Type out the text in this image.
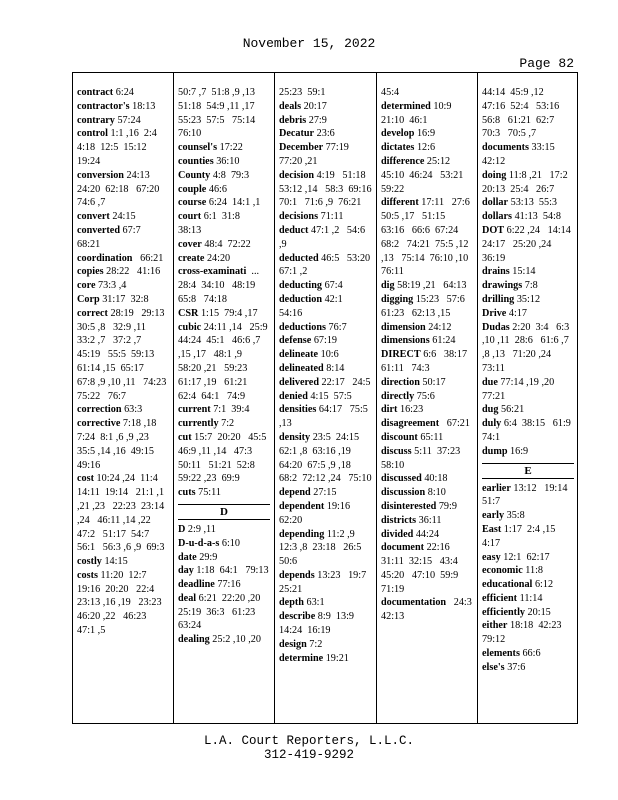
November 15, 2022
Page 82
contract 6:24
contractor's 18:13
contrary 57:24
control 1:1 ,16  2:4   4:18  12:5  15:12   19:24
conversion 24:13   24:20  62:18   67:20  74:6 ,7
convert 24:15
converted 67:7   68:21
coordination   66:21
copies 28:22   41:16
core 73:3 ,4
Corp 31:17  32:8
correct 28:19   29:13  30:5 ,8   32:9 ,11  33:2 ,7   37:2 ,7  45:19   55:5  59:13   61:14 ,15  65:17   67:8 ,9 ,10 ,11   74:23  75:22   76:7
correction 63:3
corrective 7:18 ,18   7:24  8:1 ,6 ,9 ,23   35:5 ,14 ,16  49:15   49:16
cost 10:24 ,24  11:4   14:11  19:14   21:1 ,1 ,21 ,23   22:23  23:14 ,24   46:11 ,14 ,22  47:2   51:17  54:7  56:1   56:3 ,6 ,9  69:3
costly 14:15
costs 11:20  12:7   19:16  20:20   22:4  23:13 ,16 ,19   23:23  46:20 ,22   46:23  47:1 ,5
50:7 ,7  51:8 ,9 ,13   51:18  54:9 ,11 ,17   55:23  57:5   75:14  76:10
counsel's 17:22
counties 36:10
County 4:8  79:3
couple 46:6
course 6:24  14:1 ,1
court 6:1  31:8   38:13
cover 48:4  72:22
create 24:20
cross-examinati  ...   28:4  34:10   48:19  65:8   74:18
CSR 1:15  79:4 ,17
cubic 24:11 ,14   25:9  44:24  45:1   46:6 ,7 ,15 ,17   48:1 ,9  58:20 ,21   59:23  61:17 ,19   61:21  62:4  64:1   74:9
current 7:1  39:4
currently 7:2
cut 15:7  20:20   45:5  46:9 ,11 ,14   47:3  50:11   51:21  52:8   59:22 ,23  69:9
cuts 75:11
D
D 2:9 ,11
D-u-d-a-s 6:10
date 29:9
day 1:18  64:1   79:13
deadline 77:16
deal 6:21  22:20 ,20   25:19  36:3   61:23  63:24
dealing 25:2 ,10 ,20
25:23  59:1
deals 20:17
debris 27:9
Decatur 23:6
December 77:19   77:20 ,21
decision 4:19   51:18  53:12 ,14   58:3  69:16  70:1   71:6 ,9  76:21
decisions 71:11
deduct 47:1 ,2   54:6 ,9
deducted 46:5   53:20  67:1 ,2
deducting 67:4
deduction 42:1   54:16
deductions 76:7
defense 67:19
delineate 10:6
delineated 8:14
delivered 22:17   24:5
denied 4:15  57:5
densities 64:17   75:5 ,13
density 23:5  24:15   62:1 ,8  63:16 ,19   64:20  67:5 ,9 ,18   68:2  72:12 ,24   75:10
depend 27:15
dependent 19:16   62:20
depending 11:2 ,9   12:3 ,8  23:18   26:5  50:6
depends 13:23   19:7  25:21
depth 63:1
describe 8:9  13:9   14:24  16:19
design 7:2
determine 19:21
45:4
determined 10:9   21:10  46:1
develop 16:9
dictates 12:6
difference 25:12   45:10  46:24   53:21  59:22
different 17:11   27:6  50:5 ,17   51:15  63:16   66:6  67:24  68:2   74:21  75:5 ,12 ,13   75:14  76:10 ,10   76:11
dig 58:19 ,21   64:13
digging 15:23   57:6  61:23   62:13 ,15
dimension 24:12
dimensions 61:24
DIRECT 6:6   38:17  61:11   74:3
direction 50:17
directly 75:6
dirt 16:23
disagreement   67:21
discount 65:11
discuss 5:11  37:23   58:10
discussed 40:18
discussion 8:10
disinterested 79:9
districts 36:11
divided 44:24
document 22:16   31:11  32:15   43:4  45:20   47:10  59:9   71:19
documentation   24:3  42:13
44:14  45:9 ,12   47:16  52:4   53:16  56:8   61:21  62:7  70:3   70:5 ,7
documents 33:15   42:12
doing 11:8 ,21   17:2  20:13  25:4   26:7
dollar 53:13  55:3
dollars 41:13  54:8
DOT 6:22 ,24   14:14  24:17   25:20 ,24  36:19
drains 15:14
drawings 7:8
drilling 35:12
Drive 4:17
Dudas 2:20  3:4   6:3 ,10 ,11  28:6   61:6 ,7 ,8 ,13   71:20 ,24  73:11
due 77:14 ,19 ,20   77:21
dug 56:21
duly 6:4  38:15   61:9  74:1
dump 16:9
E
earlier 13:12   19:14  51:7
early 35:8
East 1:17  2:4 ,15   4:17
easy 12:1  62:17
economic 11:8
educational 6:12
efficient 11:14
efficiently 20:15
either 18:18  42:23   79:12
elements 66:6
else's 37:6
L.A. Court Reporters, L.L.C.
312-419-9292
